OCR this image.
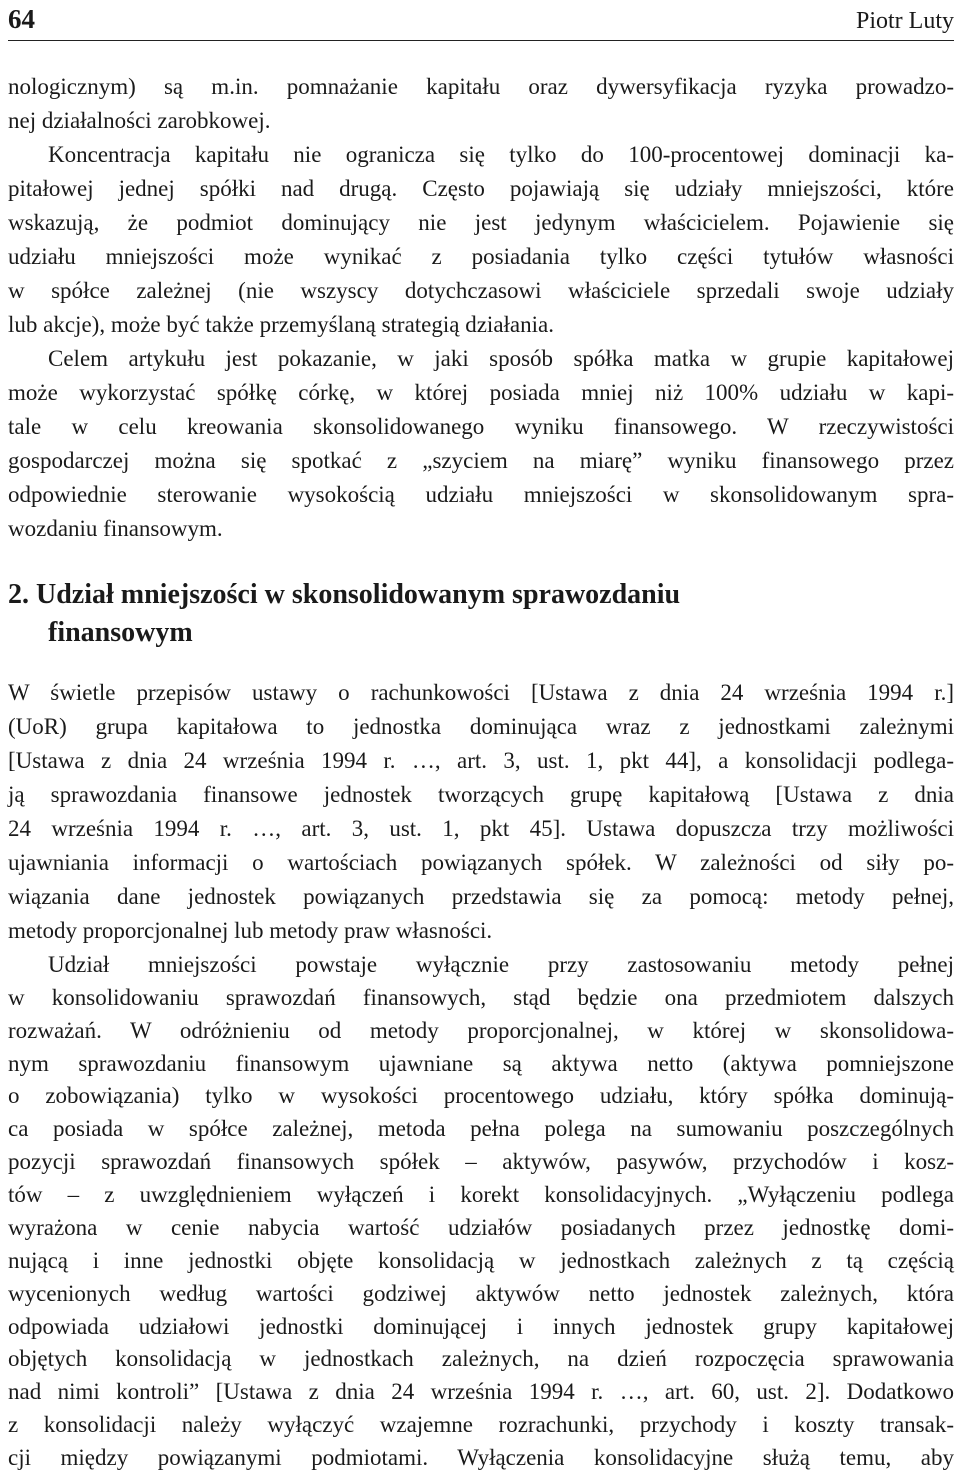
64	Piotr Luty
nologicznym) są m.in. pomnażanie kapitału oraz dywersyfikacja ryzyka prowadzo-
nej działalności zarobkowej.
Koncentracja kapitału nie ogranicza się tylko do 100-procentowej dominacji ka-
pitałowej jednej spółki nad drugą. Często pojawiają się udziały mniejszości, które
wskazują, że podmiot dominujący nie jest jedynym właścicielem. Pojawienie się
udziału mniejszości może wynikać z posiadania tylko części tytułów własności
w spółce zależnej (nie wszyscy dotychczasowi właściciele sprzedali swoje udziały
lub akcje), może być także przemyślaną strategią działania.
Celem artykułu jest pokazanie, w jaki sposób spółka matka w grupie kapitałowej
może wykorzystać spółkę córkę, w której posiada mniej niż 100% udziału w kapi-
tale w celu kreowania skonsolidowanego wyniku finansowego. W rzeczywistości
gospodarczej można się spotkać z „szyciem na miarę” wyniku finansowego przez
odpowiednie sterowanie wysokością udziału mniejszości w skonsolidowanym spra-
wozdaniu finansowym.
2. Udział mniejszości w skonsolidowanym sprawozdaniu
finansowym
W świetle przepisów ustawy o rachunkowości [Ustawa z dnia 24 września 1994 r.]
(UoR) grupa kapitałowa to jednostka dominująca wraz z jednostkami zależnymi
[Ustawa z dnia 24 września 1994 r. …, art. 3, ust. 1, pkt 44], a konsolidacji podlega-
ją sprawozdania finansowe jednostek tworzących grupę kapitałową [Ustawa z dnia
24 września 1994 r. …, art. 3, ust. 1, pkt 45]. Ustawa dopuszcza trzy możliwości
ujawniania informacji o wartościach powiązanych spółek. W zależności od siły po-
wiązania dane jednostek powiązanych przedstawia się za pomocą: metody pełnej,
metody proporcjonalnej lub metody praw własności.
Udział mniejszości powstaje wyłącznie przy zastosowaniu metody pełnej
w konsolidowaniu sprawozdań finansowych, stąd będzie ona przedmiotem dalszych
rozważań. W odróżnieniu od metody proporcjonalnej, w której w skonsolidowa-
nym sprawozdaniu finansowym ujawniane są aktywa netto (aktywa pomniejszone
o zobowiązania) tylko w wysokości procentowego udziału, który spółka dominują-
ca posiada w spółce zależnej, metoda pełna polega na sumowaniu poszczególnych
pozycji sprawozdań finansowych spółek – aktywów, pasywów, przychodów i kosz-
tów – z uwzględnieniem wyłączeń i korekt konsolidacyjnych. „Wyłączeniu podlega
wyrażona w cenie nabycia wartość udziałów posiadanych przez jednostkę domi-
nującą i inne jednostki objęte konsolidacją w jednostkach zależnych z tą częścią
wycenionych według wartości godziwej aktywów netto jednostek zależnych, która
odpowiada udziałowi jednostki dominującej i innych jednostek grupy kapitałowej
objętych konsolidacją w jednostkach zależnych, na dzień rozpoczęcia sprawowania
nad nimi kontroli” [Ustawa z dnia 24 września 1994 r. …, art. 60, ust. 2]. Dodatkowo
z konsolidacji należy wyłączyć wzajemne rozrachunki, przychody i koszty transak-
cji między powiązanymi podmiotami. Wyłączenia konsolidacyjne służą temu, aby
